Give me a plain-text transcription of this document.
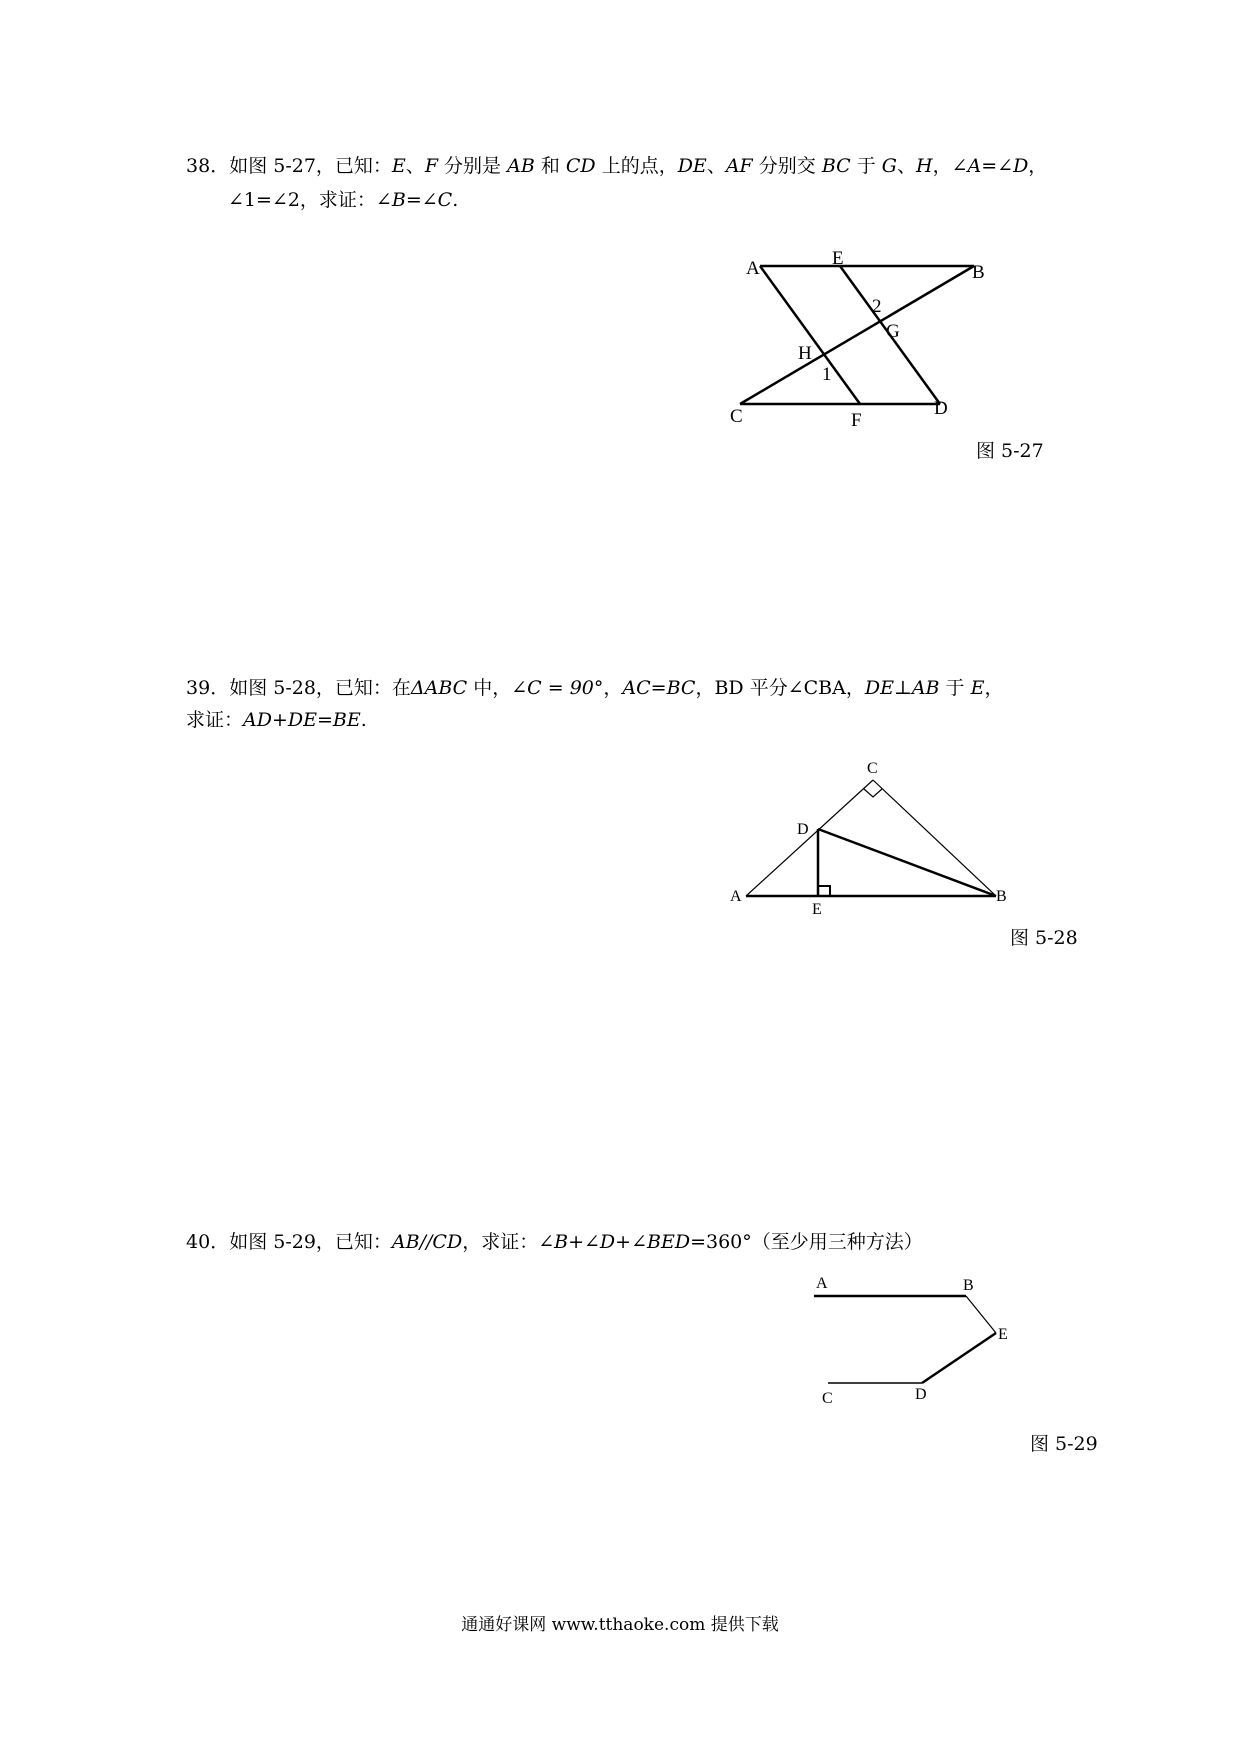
38．如图 5-27，已知：E、F 分别是 AB 和 CD 上的点，DE、AF 分别交 BC 于 G、H，∠A=∠D，
∠1=∠2，求证：∠B=∠C.
A	E
B
2
G
H
1
C	F
D
图 5-27
39．如图 5-28，已知：在ΔABC 中，∠C = 90°，AC=BC，BD 平分∠CBA，DE⊥AB 于 E，
求证：AD+DE=BE.
C
D
A
E
B
图 5-28
40．如图 5-29，已知：AB//CD，求证：∠B+∠D+∠BED=360°（至少用三种方法）
A	B
E
C	D
图 5-29
通通好课网 www.tthaoke.com 提供下载
